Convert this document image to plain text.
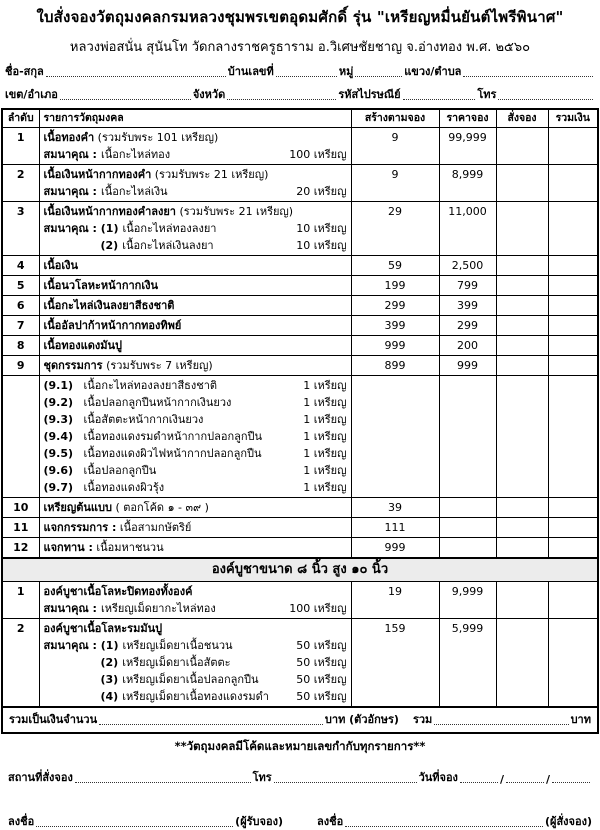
ใบสั่งจองวัตถุมงคลกรมหลวงชุมพรเขตอุดมศักดิ์ รุ่น "เหรียญหมื่นยันต์ไพรีพินาศ"
หลวงพ่อสนั่น สุนันโท วัดกลางราชครูธาราม อ.วิเศษชัยชาญ จ.อ่างทอง พ.ศ. ๒๕๖๐
ชื่อ-สกุล	บ้านเลขที่	หมู่	แขวง/ตำบล
เขต/อำเภอ	จังหวัด	รหัสไปรษณีย์	โทร
ลำดับ	รายการวัตถุมงคล	สร้างตามจอง	ราคาจอง	สั่งจอง	รวมเงิน
1	เนื้อทองคำ (รวมรับพระ 101 เหรียญ)
สมนาคุณ : เนื้อกะไหล่ทอง 100 เหรียญ	9	99,999		
2	เนื้อเงินหน้ากากทองคำ (รวมรับพระ 21 เหรียญ)
สมนาคุณ : เนื้อกะไหล่เงิน 20 เหรียญ	9	8,999		
3	เนื้อเงินหน้ากากทองคำลงยา (รวมรับพระ 21 เหรียญ)
สมนาคุณ : (1) เนื้อกะไหล่ทองลงยา	10 เหรียญ
(2) เนื้อกะไหล่เงินลงยา	10 เหรียญ
	29	11,000		
4	เนื้อเงิน	59	2,500		
5	เนื้อนวโลหะหน้ากากเงิน	199	799		
6	เนื้อกะไหล่เงินลงยาสีธงชาติ	299	399		
7	เนื้ออัลปาก้าหน้ากากทองทิพย์	399	299		
8	เนื้อทองแดงมันปู	999	200		
9	ชุดกรรมการ (รวมรับพระ 7 เหรียญ)	899	999		

(9.1) เนื้อกะไหล่ทองลงยาสีธงชาติ	1 เหรียญ
(9.2) เนื้อปลอกลูกปืนหน้ากากเงินยวง	1 เหรียญ
(9.3) เนื้อสัตตะหน้ากากเงินยวง	1 เหรียญ
(9.4) เนื้อทองแดงรมดำหน้ากากปลอกลูกปืน	1 เหรียญ
(9.5) เนื้อทองแดงผิวไฟหน้ากากปลอกลูกปืน	1 เหรียญ
(9.6) เนื้อปลอกลูกปืน	1 เหรียญ
(9.7) เนื้อทองแดงผิวรุ้ง	1 เหรียญ

10	เหรียญต้นแบบ ( ตอกโค้ด ๑ - ๓๙ )	39			
11	แจกกรรมการ : เนื้อสามกษัตริย์	111			
12	แจกทาน : เนื้อมหาชนวน	999			
องค์บูชาขนาด ๘ นิ้ว สูง ๑๐ นิ้ว					
1	องค์บูชาเนื้อโลหะปิดทองทั้งองค์
สมนาคุณ : เหรียญเม็ดยากะไหล่ทอง 100 เหรียญ	19	9,999		
2	องค์บูชาเนื้อโลหะรมมันปู
สมนาคุณ : (1) เหรียญเม็ดยาเนื้อชนวน	50 เหรียญ
(2) เหรียญเม็ดยาเนื้อสัตตะ	50 เหรียญ
(3) เหรียญเม็ดยาเนื้อปลอกลูกปืน	50 เหรียญ
(4) เหรียญเม็ดยาเนื้อทองแดงรมดำ	50 เหรียญ
	159	5,999		

รวมเป็นเงินจำนวน บาท (ตัวอักษร) รวม บาท					
**วัตถุมงคลมีโค้ดและหมายเลขกำกับทุกรายการ**
สถานที่สั่งจอง	โทร	วันที่จอง	/	/
ลงชื่อ	(ผู้รับจอง)	ลงชื่อ	(ผู้สั่งจอง)
